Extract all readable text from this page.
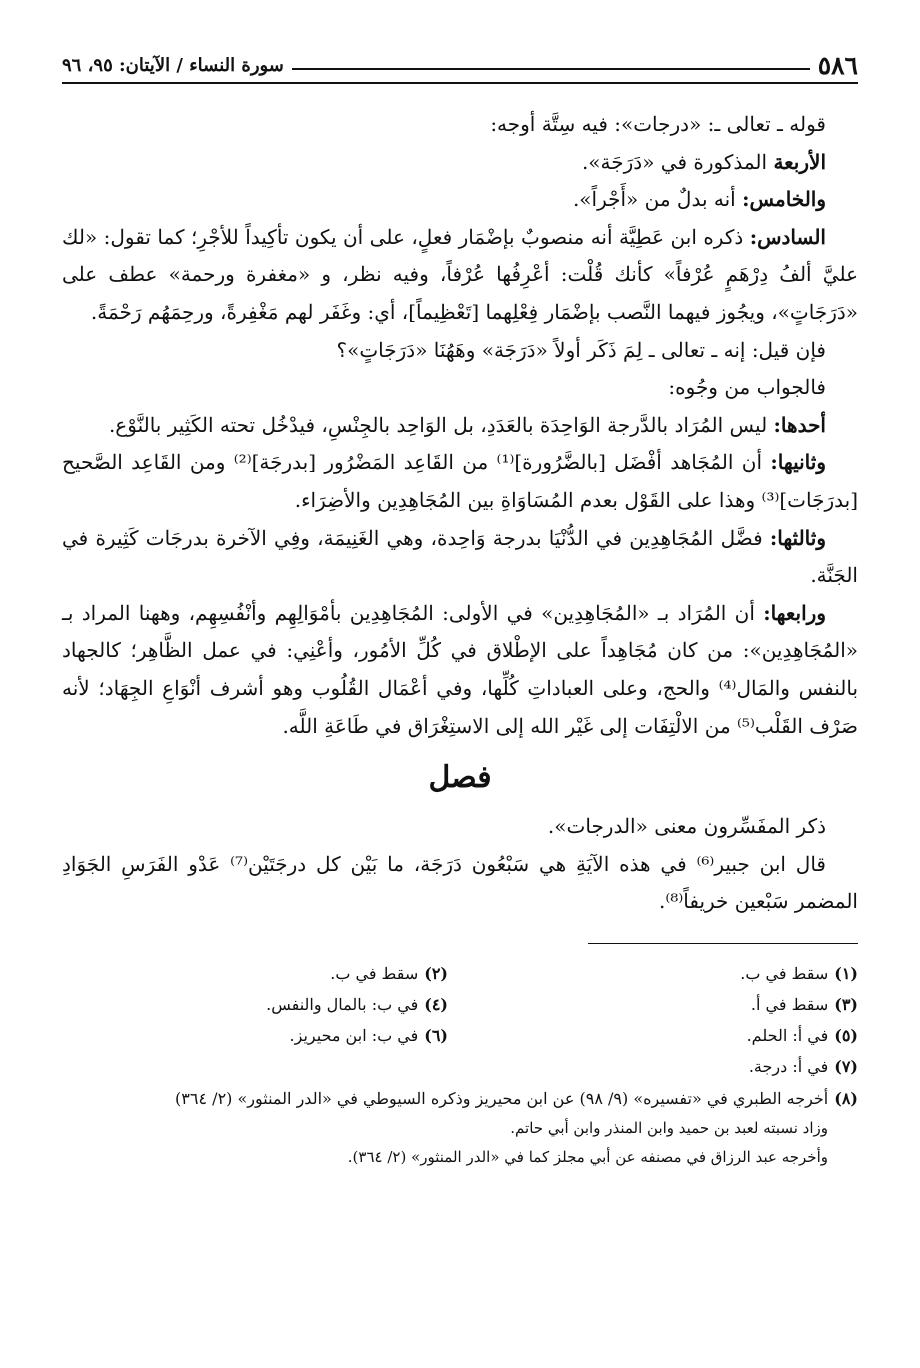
٥٨٦
سورة النساء / الآيتان: ٩٥، ٩٦

قوله ـ تعالى ـ: «درجات»: فيه سِتَّة أوجه:

الأربعة المذكورة في «دَرَجَة».

والخامس: أنه بدلٌ من «أَجْراً».

السادس: ذكره ابن عَطِيَّة أنه منصوبٌ بإضْمَار فعلٍ، على أن يكون تأكِيداً للأجْرِ؛ كما تقول: «لك عليَّ ألفُ دِرْهَمٍ عُرْفاً» كأنك قُلْت: أعْرِفُها عُرْفاً، وفيه نظر، و «مغفرة ورحمة» عطف على «دَرَجَاتٍ»، ويجُوز فيهما النَّصب بإضْمَار فِعْلِهما [تَعْظِيماً]، أي: وغَفَر لهم مَغْفِرةً، ورحِمَهُم رَحْمَةً.

فإن قيل: إنه ـ تعالى ـ لِمَ ذَكَر أولاً «دَرَجَة» وهَهُنَا «دَرَجَاتٍ»؟

فالجواب من وجُوه:

أحدها: ليس المُرَاد بالدَّرجة الوَاحِدَة بالعَدَدِ، بل الوَاحِد بالجِنْسِ، فيدْخُل تحته الكَثِير بالنَّوْع.

وثانيها: أن المُجَاهد أفْضَل [بالضَّرُورة]⁽¹⁾ من القَاعِد المَضْرُور [بدرجَة]⁽²⁾ ومن القَاعِد الصَّحيح [بدرَجَات]⁽³⁾ وهذا على القَوْل بعدم المُسَاوَاةِ بين المُجَاهِدِين والأضِرَاء.

وثالثها: فضَّل المُجَاهِدِين في الدُّنْيَا بدرجة وَاحِدة، وهي الغَنِيمَة، وفِي الآخرة بدرجَات كَثِيرة في الجَنَّة.

ورابعها: أن المُرَاد بـ «المُجَاهِدِين» في الأولى: المُجَاهِدِين بأمْوَالِهِم وأنْفُسِهِم، وههنا المراد بـ «المُجَاهِدِين»: من كان مُجَاهِداً على الإطْلاق في كُلِّ الأمُور، وأعْنِي: في عمل الظَّاهِر؛ كالجهاد بالنفس والمَال⁽⁴⁾ والحج، وعلى العباداتِ كُلِّها، وفي أعْمَال القُلُوب وهو أشرف أنْوَاعِ الجِهَاد؛ لأنه صَرْف القَلْب⁽⁵⁾ من الالْتِفَات إلى غَيْر الله إلى الاستِغْرَاق في طَاعَةِ اللَّه.

فصل

ذكر المفَسِّرون معنى «الدرجات».

قال ابن جبير⁽⁶⁾ في هذه الآيَةِ هي سَبْعُون دَرَجَة، ما بَيْن كل درجَتَيْن⁽⁷⁾ عَدْو الفَرَسِ الجَوَادِ المضمر سَبْعين خريفاً⁽⁸⁾.

(١)سقط في ب.
(٢)سقط في ب.
(٣)سقط في أ.
(٤)في ب: بالمال والنفس.
(٥)في أ: الحلم.
(٦)في ب: ابن محيريز.
(٧)في أ: درجة.
(٨)أخرجه الطبري في «تفسيره» (٩/ ٩٨) عن ابن محيريز وذكره السيوطي في «الدر المنثور» (٢/ ٣٦٤)
وزاد نسبته لعبد بن حميد وابن المنذر وابن أبي حاتم.
وأخرجه عبد الرزاق في مصنفه عن أبي مجلز كما في «الدر المنثور» (٢/ ٣٦٤).
